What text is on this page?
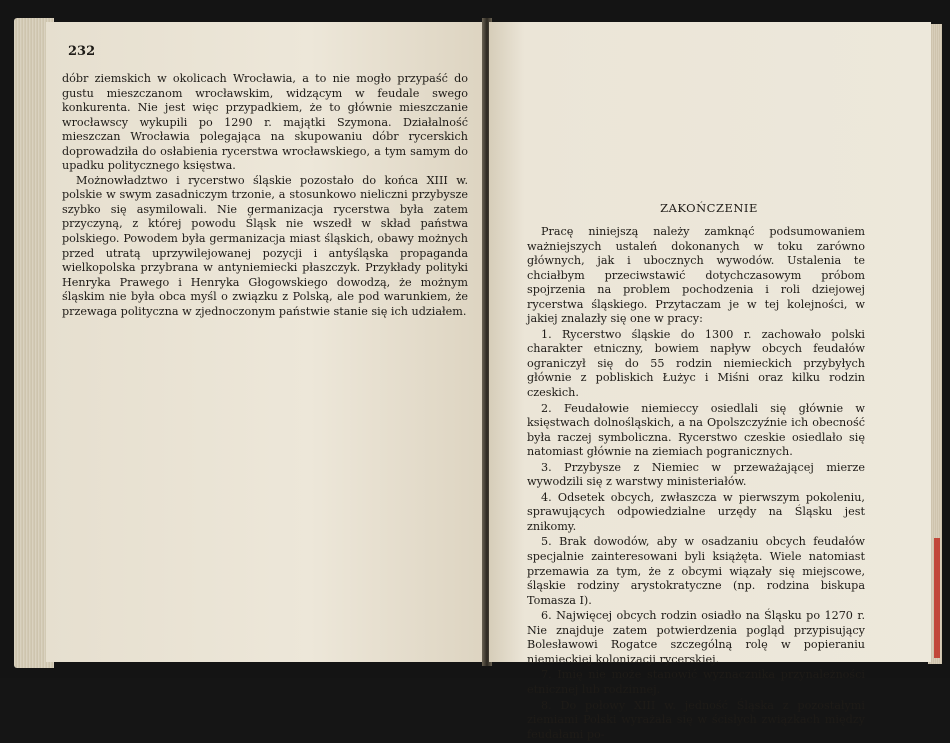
232

dóbr ziemskich w okolicach Wrocławia, a to nie mogło przypaść do gustu mieszczanom wrocławskim, widzącym w feudale swego konkurenta. Nie jest więc przypadkiem, że to głównie mieszczanie wrocławscy wykupili po 1290 r. majątki Szymona. Działalność mieszczan Wrocławia polegająca na skupowaniu dóbr rycerskich doprowadziła do osłabienia rycerstwa wrocławskiego, a tym samym do upadku politycznego księstwa.

Możnowładztwo i rycerstwo śląskie pozostało do końca XIII w. polskie w swym zasadniczym trzonie, a stosunkowo nieliczni przybysze szybko się asymilowali. Nie germanizacja rycerstwa była zatem przyczyną, z której powodu Śląsk nie wszedł w skład państwa polskiego. Powodem była germanizacja miast śląskich, obawy możnych przed utratą uprzywilejowanej pozycji i antyśląska propaganda wielkopolska przybrana w antyniemiecki płaszczyk. Przykłady polityki Henryka Prawego i Henryka Głogowskiego dowodzą, że możnym śląskim nie była obca myśl o związku z Polską, ale pod warunkiem, że przewaga polityczna w zjednoczonym państwie stanie się ich udziałem.

ZAKOŃCZENIE

Pracę niniejszą należy zamknąć podsumowaniem ważniejszych ustaleń dokonanych w toku zarówno głównych, jak i ubocznych wywodów. Ustalenia te chciałbym przeciwstawić dotychczasowym próbom spojrzenia na problem pochodzenia i roli dziejowej rycerstwa śląskiego. Przytaczam je w tej kolejności, w jakiej znalazły się one w pracy:

1. Rycerstwo śląskie do 1300 r. zachowało polski charakter etniczny, bowiem napływ obcych feudałów ograniczył się do 55 rodzin niemieckich przybyłych głównie z pobliskich Łużyc i Miśni oraz kilku rodzin czeskich.

2. Feudałowie niemieccy osiedlali się głównie w księstwach dolnośląskich, a na Opolszczyźnie ich obecność była raczej symboliczna. Rycerstwo czeskie osiedlało się natomiast głównie na ziemiach pogranicznych.

3. Przybysze z Niemiec w przeważającej mierze wywodzili się z warstwy ministeriałów.

4. Odsetek obcych, zwłaszcza w pierwszym pokoleniu, sprawujących odpowiedzialne urzędy na Śląsku jest znikomy.

5. Brak dowodów, aby w osadzaniu obcych feudałów specjalnie zainteresowani byli książęta. Wiele natomiast przemawia za tym, że z obcymi wiązały się miejscowe, śląskie rodziny arystokratyczne (np. rodzina biskupa Tomasza I).

6. Najwięcej obcych rodzin osiadło na Śląsku po 1270 r. Nie znajduje zatem potwierdzenia pogląd przypisujący Bolesławowi Rogatce szczególną rolę w popieraniu niemieckiej kolonizacji rycerskiej.

7. Imię nie może stanowić wyznacznika przynależności etnicznej lub rodzinnej.

8. Do połowy XIII w. jedność Śląska z pozostałymi ziemiami Polski wyrażała się w ścisłych związkach między feudałami po-
